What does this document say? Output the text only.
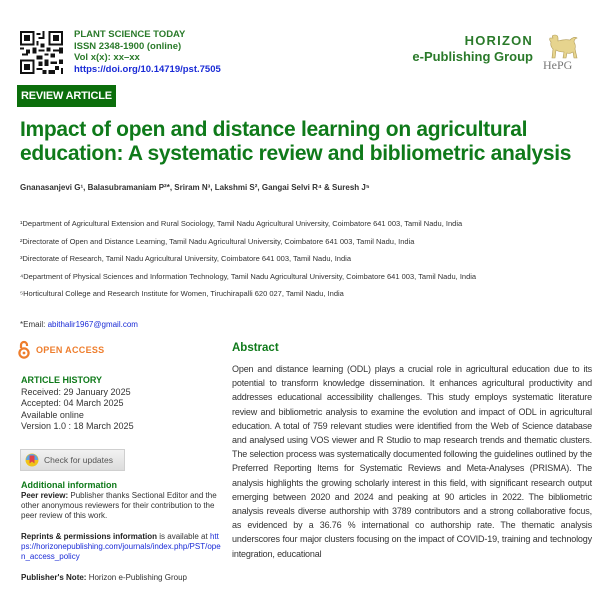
PLANT SCIENCE TODAY
ISSN 2348-1900 (online)
Vol x(x): xx–xx
https://doi.org/10.14719/pst.7505
HORIZON
e-Publishing Group
HePG
REVIEW ARTICLE
Impact of open and distance learning on agricultural education: A systematic review and bibliometric analysis
Gnanasanjevi G¹, Balasubramaniam P²*, Sriram N³, Lakshmi S², Gangai Selvi R⁴ & Suresh J⁵
¹Department of Agricultural Extension and Rural Sociology, Tamil Nadu Agricultural University, Coimbatore 641 003, Tamil Nadu, India
²Directorate of Open and Distance Learning, Tamil Nadu Agricultural University, Coimbatore 641 003, Tamil Nadu, India
³Directorate of Research, Tamil Nadu Agricultural University, Coimbatore 641 003, Tamil Nadu, India
⁴Department of Physical Sciences and Information Technology, Tamil Nadu Agricultural University, Coimbatore 641 003, Tamil Nadu, India
⁵Horticultural College and Research Institute for Women, Tiruchirapalli 620 027, Tamil Nadu, India
*Email: abithalir1967@gmail.com
OPEN ACCESS
ARTICLE HISTORY
Received: 29 January 2025
Accepted: 04 March 2025
Available online
Version 1.0 : 18 March 2025
Check for updates
Additional information
Peer review: Publisher thanks Sectional Editor and the other anonymous reviewers for their contribution to the peer review of this work.
Reprints & permissions information is available at https://horizonepublishing.com/journals/index.php/PST/open_access_policy
Publisher's Note: Horizon e-Publishing Group
Abstract

Open and distance learning (ODL) plays a crucial role in agricultural education due to its potential to transform knowledge dissemination. It enhances agricultural productivity and addresses educational accessibility challenges. This study employs systematic literature review and bibliometric analysis to examine the evolution and impact of ODL in agricultural education. A total of 759 relevant studies were identified from the Web of Science database and analysed using VOS viewer and R Studio to map research trends and thematic clusters. The selection process was systematically documented following the guidelines outlined by the Preferred Reporting Items for Systematic Reviews and Meta-Analyses (PRISMA). The analysis highlights the growing scholarly interest in this field, with significant research output emerging between 2020 and 2024 and peaking at 90 articles in 2022. The bibliometric analysis reveals diverse authorship with 3789 contributors and a strong collaborative focus, as evidenced by a 36.76 % international co authorship rate. The thematic analysis underscores four major clusters focusing on the impact of COVID-19, training and technology integration, educational
